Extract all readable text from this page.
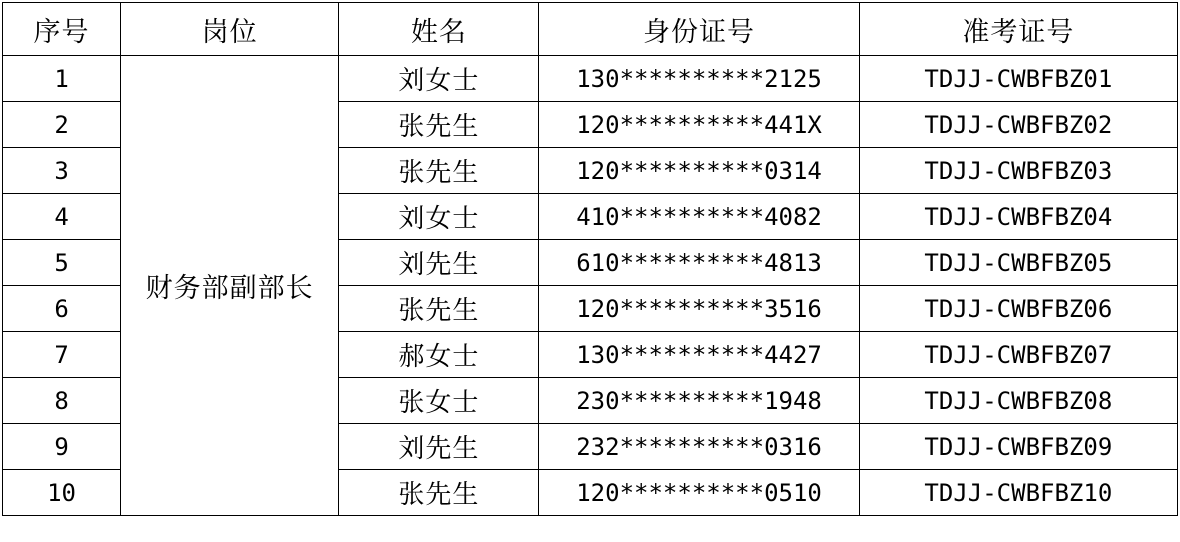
序号	岗位	姓名	身份证号	准考证号
1	财务部副部长	刘女士	130**********2125	TDJJ-CWBFBZ01
2		张先生	120**********441X	TDJJ-CWBFBZ02
3		张先生	120**********0314	TDJJ-CWBFBZ03
4		刘女士	410**********4082	TDJJ-CWBFBZ04
5		刘先生	610**********4813	TDJJ-CWBFBZ05
6		张先生	120**********3516	TDJJ-CWBFBZ06
7		郝女士	130**********4427	TDJJ-CWBFBZ07
8		张女士	230**********1948	TDJJ-CWBFBZ08
9		刘先生	232**********0316	TDJJ-CWBFBZ09
10		张先生	120**********0510	TDJJ-CWBFBZ10
